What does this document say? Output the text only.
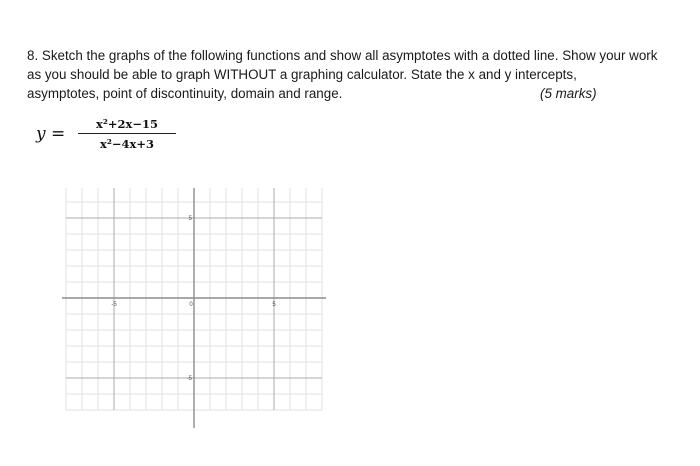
8. Sketch the graphs of the following functions and show all asymptotes with a dotted line. Show your work
as you should be able to graph WITHOUT a graphing calculator. State the x and y intercepts,
asymptotes, point of discontinuity, domain and range.	(5 marks)
y =	x²+2x−15
x²−4x+3
-5	0	5
5
-5
